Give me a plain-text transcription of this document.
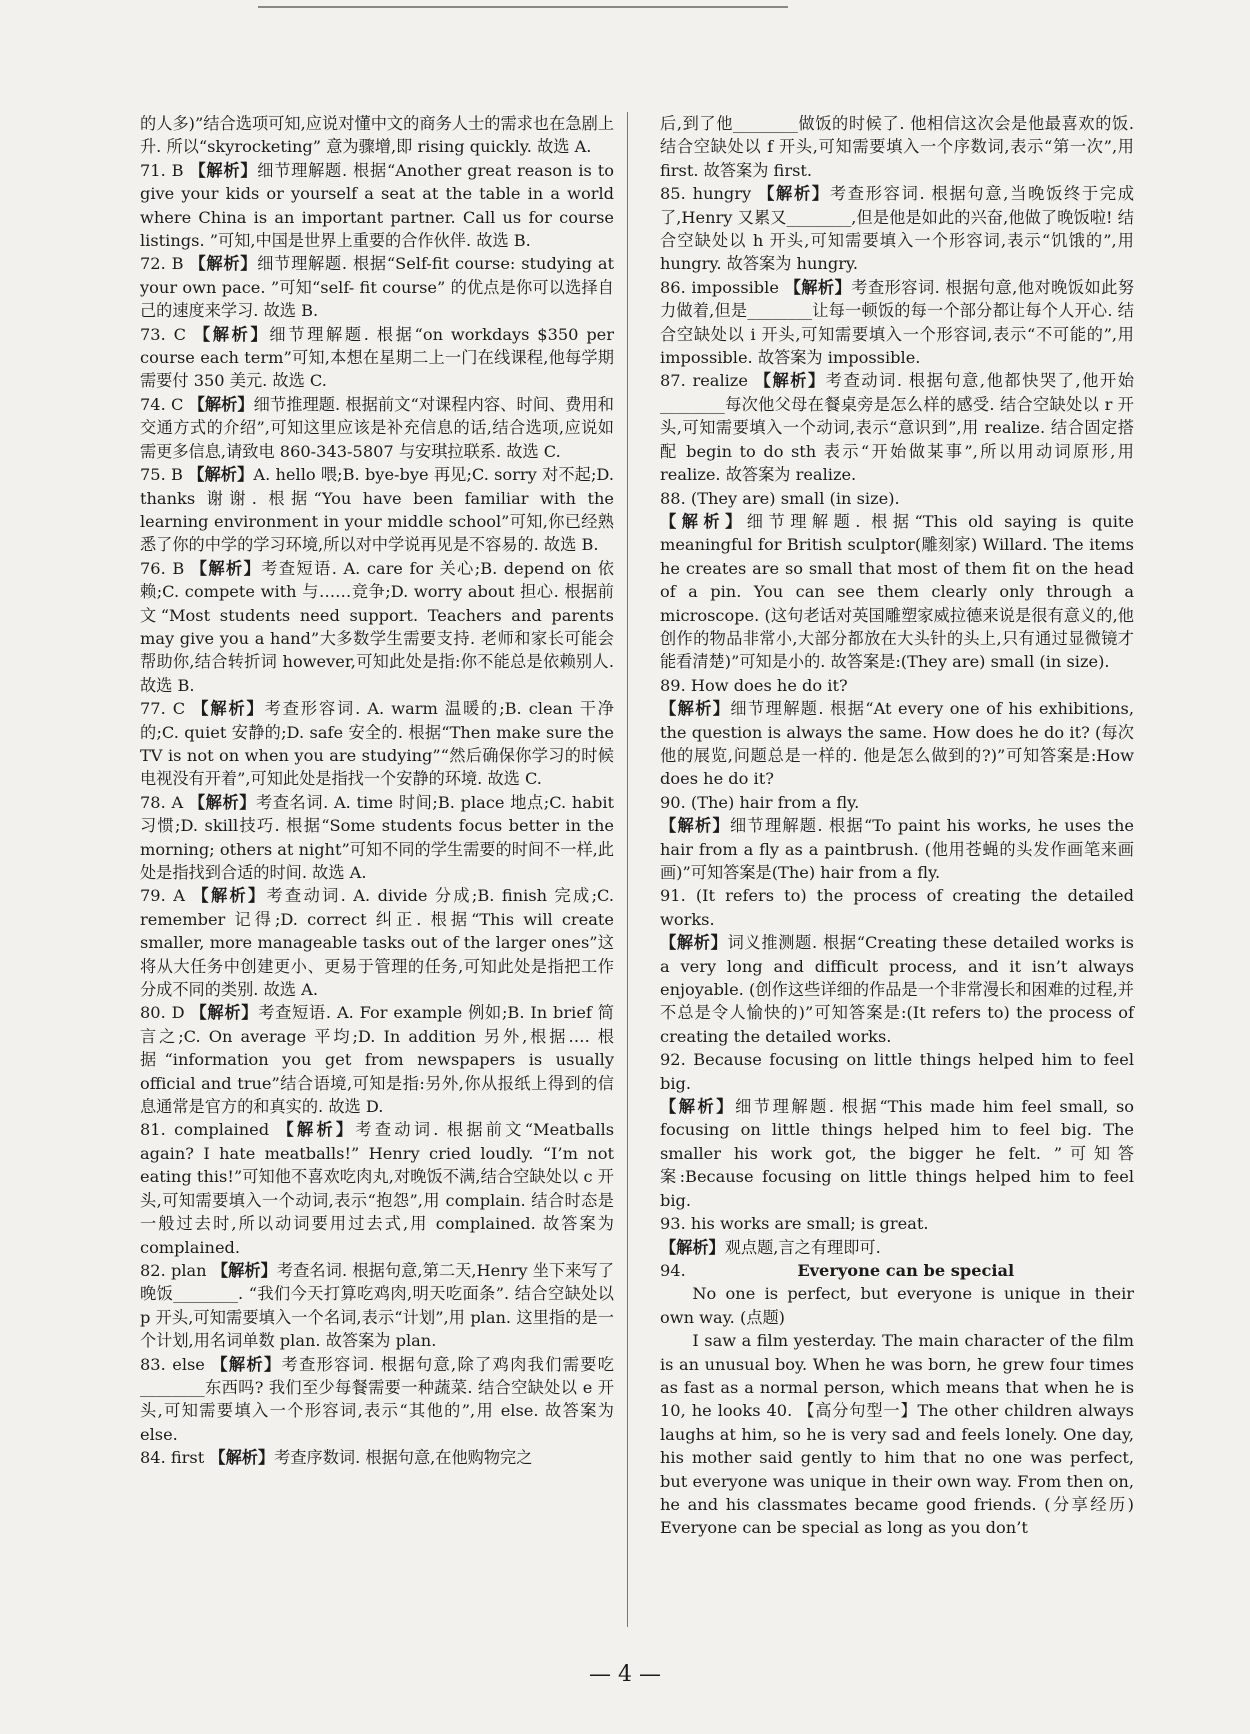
的人多)”结合选项可知,应说对懂中文的商务人士的需求也在急剧上升. 所以“skyrocketing” 意为骤增,即 rising quickly. 故选 A.

71. B 【解析】细节理解题. 根据“Another great reason is to give your kids or yourself a seat at the table in a world where China is an important partner. Call us for course listings. ”可知,中国是世界上重要的合作伙伴. 故选 B.

72. B 【解析】细节理解题. 根据“Self-fit course: studying at your own pace. ”可知“self- fit course” 的优点是你可以选择自己的速度来学习. 故选 B.

73. C 【解析】细节理解题. 根据“on workdays $350 per course each term”可知,本想在星期二上一门在线课程,他每学期需要付 350 美元. 故选 C.

74. C 【解析】细节推理题. 根据前文“对课程内容、时间、费用和交通方式的介绍”,可知这里应该是补充信息的话,结合选项,应说如需更多信息,请致电 860-343-5807 与安琪拉联系. 故选 C.

75. B 【解析】A. hello 喂;B. bye-bye 再见;C. sorry 对不起;D. thanks 谢谢. 根据“You have been familiar with the learning environment in your middle school”可知,你已经熟悉了你的中学的学习环境,所以对中学说再见是不容易的. 故选 B.

76. B 【解析】考查短语. A. care for 关心;B. depend on 依赖;C. compete with 与……竞争;D. worry about 担心. 根据前文“Most students need support. Teachers and parents may give you a hand”大多数学生需要支持. 老师和家长可能会帮助你,结合转折词 however,可知此处是指:你不能总是依赖别人. 故选 B.

77. C 【解析】考查形容词. A. warm 温暖的;B. clean 干净的;C. quiet 安静的;D. safe 安全的. 根据“Then make sure the TV is not on when you are studying”“然后确保你学习的时候电视没有开着”,可知此处是指找一个安静的环境. 故选 C.

78. A 【解析】考查名词. A. time 时间;B. place 地点;C. habit习惯;D. skill技巧. 根据“Some students focus better in the morning; others at night”可知不同的学生需要的时间不一样,此处是指找到合适的时间. 故选 A.

79. A 【解析】考查动词. A. divide 分成;B. finish 完成;C. remember 记得;D. correct 纠正. 根据“This will create smaller, more manageable tasks out of the larger ones”这将从大任务中创建更小、更易于管理的任务,可知此处是指把工作分成不同的类别. 故选 A.

80. D 【解析】考查短语. A. For example 例如;B. In brief 简言之;C. On average 平均;D. In addition 另外,根据…. 根据“information you get from newspapers is usually official and true”结合语境,可知是指:另外,你从报纸上得到的信息通常是官方的和真实的. 故选 D.

81. complained 【解析】考查动词. 根据前文“Meatballs again? I hate meatballs!” Henry cried loudly. “I’m not eating this!”可知他不喜欢吃肉丸,对晚饭不满,结合空缺处以 c 开头,可知需要填入一个动词,表示“抱怨”,用 complain. 结合时态是一般过去时,所以动词要用过去式,用 complained. 故答案为 complained.

82. plan 【解析】考查名词. 根据句意,第二天,Henry 坐下来写了晚饭________. “我们今天打算吃鸡肉,明天吃面条”. 结合空缺处以 p 开头,可知需要填入一个名词,表示“计划”,用 plan. 这里指的是一个计划,用名词单数 plan. 故答案为 plan.

83. else 【解析】考查形容词. 根据句意,除了鸡肉我们需要吃________东西吗? 我们至少每餐需要一种蔬菜. 结合空缺处以 e 开头,可知需要填入一个形容词,表示“其他的”,用 else. 故答案为 else.

84. first 【解析】考查序数词. 根据句意,在他购物完之

后,到了他________做饭的时候了. 他相信这次会是他最喜欢的饭. 结合空缺处以 f 开头,可知需要填入一个序数词,表示“第一次”,用 first. 故答案为 first.

85. hungry 【解析】考查形容词. 根据句意,当晚饭终于完成了,Henry 又累又________,但是他是如此的兴奋,他做了晚饭啦! 结合空缺处以 h 开头,可知需要填入一个形容词,表示“饥饿的”,用 hungry. 故答案为 hungry.

86. impossible 【解析】考查形容词. 根据句意,他对晚饭如此努力做着,但是________让每一顿饭的每一个部分都让每个人开心. 结合空缺处以 i 开头,可知需要填入一个形容词,表示“不可能的”,用 impossible. 故答案为 impossible.

87. realize 【解析】考查动词. 根据句意,他都快哭了,他开始________每次他父母在餐桌旁是怎么样的感受. 结合空缺处以 r 开头,可知需要填入一个动词,表示“意识到”,用 realize. 结合固定搭配 begin to do sth 表示“开始做某事”,所以用动词原形,用 realize. 故答案为 realize.

88. (They are) small (in size).

【解析】细节理解题. 根据“This old saying is quite meaningful for British sculptor(雕刻家) Willard. The items he creates are so small that most of them fit on the head of a pin. You can see them clearly only through a microscope. (这句老话对英国雕塑家威拉德来说是很有意义的,他创作的物品非常小,大部分都放在大头针的头上,只有通过显微镜才能看清楚)”可知是小的. 故答案是:(They are) small (in size).

89. How does he do it?

【解析】细节理解题. 根据“At every one of his exhibitions, the question is always the same. How does he do it? (每次他的展览,问题总是一样的. 他是怎么做到的?)”可知答案是:How does he do it?

90. (The) hair from a fly.

【解析】细节理解题. 根据“To paint his works, he uses the hair from a fly as a paintbrush. (他用苍蝇的头发作画笔来画画)”可知答案是(The) hair from a fly.

91. (It refers to) the process of creating the detailed works.

【解析】词义推测题. 根据“Creating these detailed works is a very long and difficult process, and it isn’t always enjoyable. (创作这些详细的作品是一个非常漫长和困难的过程,并不总是令人愉快的)”可知答案是:(It refers to) the process of creating the detailed works.

92. Because focusing on little things helped him to feel big.

【解析】细节理解题. 根据“This made him feel small, so focusing on little things helped him to feel big. The smaller his work got, the bigger he felt. ”可知答案:Because focusing on little things helped him to feel big.

93. his works are small; is great.

【解析】观点题,言之有理即可.

94.	Everyone can be special

No one is perfect, but everyone is unique in their own way. (点题)

I saw a film yesterday. The main character of the film is an unusual boy. When he was born, he grew four times as fast as a normal person, which means that when he is 10, he looks 40. 【高分句型一】The other children always laughs at him, so he is very sad and feels lonely. One day, his mother said gently to him that no one was perfect, but everyone was unique in their own way. From then on, he and his classmates became good friends. (分享经历) Everyone can be special as long as you don’t

— 4 —
